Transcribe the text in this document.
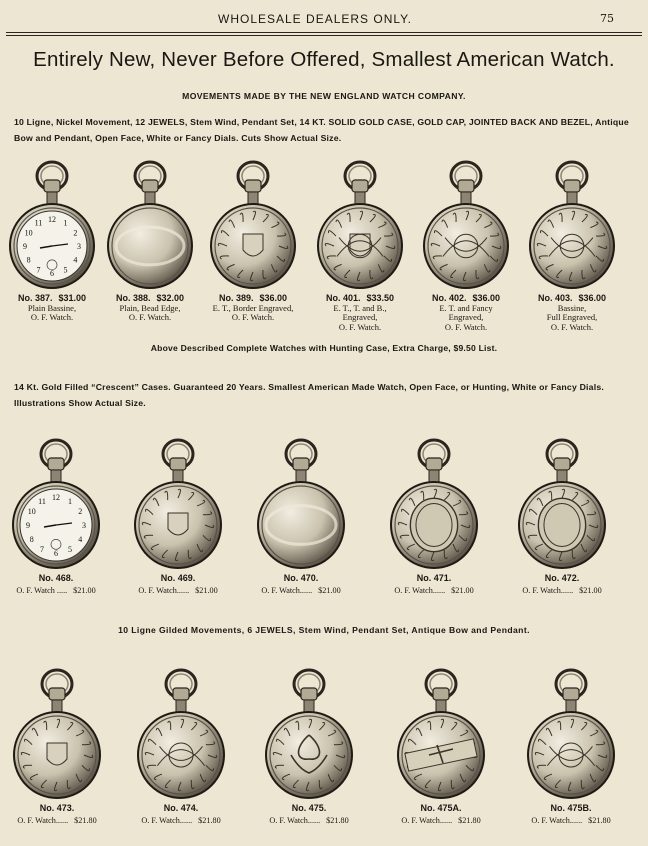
WHOLESALE DEALERS ONLY.	75
Entirely New, Never Before Offered, Smallest American Watch.
MOVEMENTS MADE BY THE NEW ENGLAND WATCH COMPANY.
10 Ligne, Nickel Movement, 12 JEWELS, Stem Wind, Pendant Set, 14 KT. SOLID GOLD CASE, GOLD CAP, JOINTED BACK AND BEZEL, Antique Bow and Pendant, Open Face, White or Fancy Dials. Cuts Show Actual Size.
12 1
2
3
4
5
6
7
8
9
10
11
No. 387. $31.00
Plain Bassine,
O. F. Watch.
No. 388. $32.00
Plain, Bead Edge,
O. F. Watch.
No. 389. $36.00
E. T., Border Engraved,
O. F. Watch.
No. 401. $33.50
E. T., T. and B.,
Engraved,
O. F. Watch.
No. 402. $36.00
E. T. and Fancy
Engraved,
O. F. Watch.
No. 403. $36.00
Bassine,
Full Engraved,
O. F. Watch.
Above Described Complete Watches with Hunting Case, Extra Charge, $9.50 List.
14 Kt. Gold Filled “Crescent” Cases. Guaranteed 20 Years. Smallest American Made Watch, Open Face, or Hunting, White or Fancy Dials. Illustrations Show Actual Size.
12 1
2
3
4
5
6
7
8
9
10
11
No. 468.
O. F. Watch ..... $21.00
No. 469.
O. F. Watch...... $21.00
No. 470.
O. F. Watch...... $21.00
No. 471.
O. F. Watch...... $21.00
No. 472.
O. F. Watch...... $21.00
10 Ligne Gilded Movements, 6 JEWELS, Stem Wind, Pendant Set, Antique Bow and Pendant.
No. 473.
O. F. Watch...... $21.80
No. 474.
O. F. Watch...... $21.80
No. 475.
O. F. Watch...... $21.80
No. 475A.
O. F. Watch...... $21.80
No. 475B.
O. F. Watch...... $21.80
